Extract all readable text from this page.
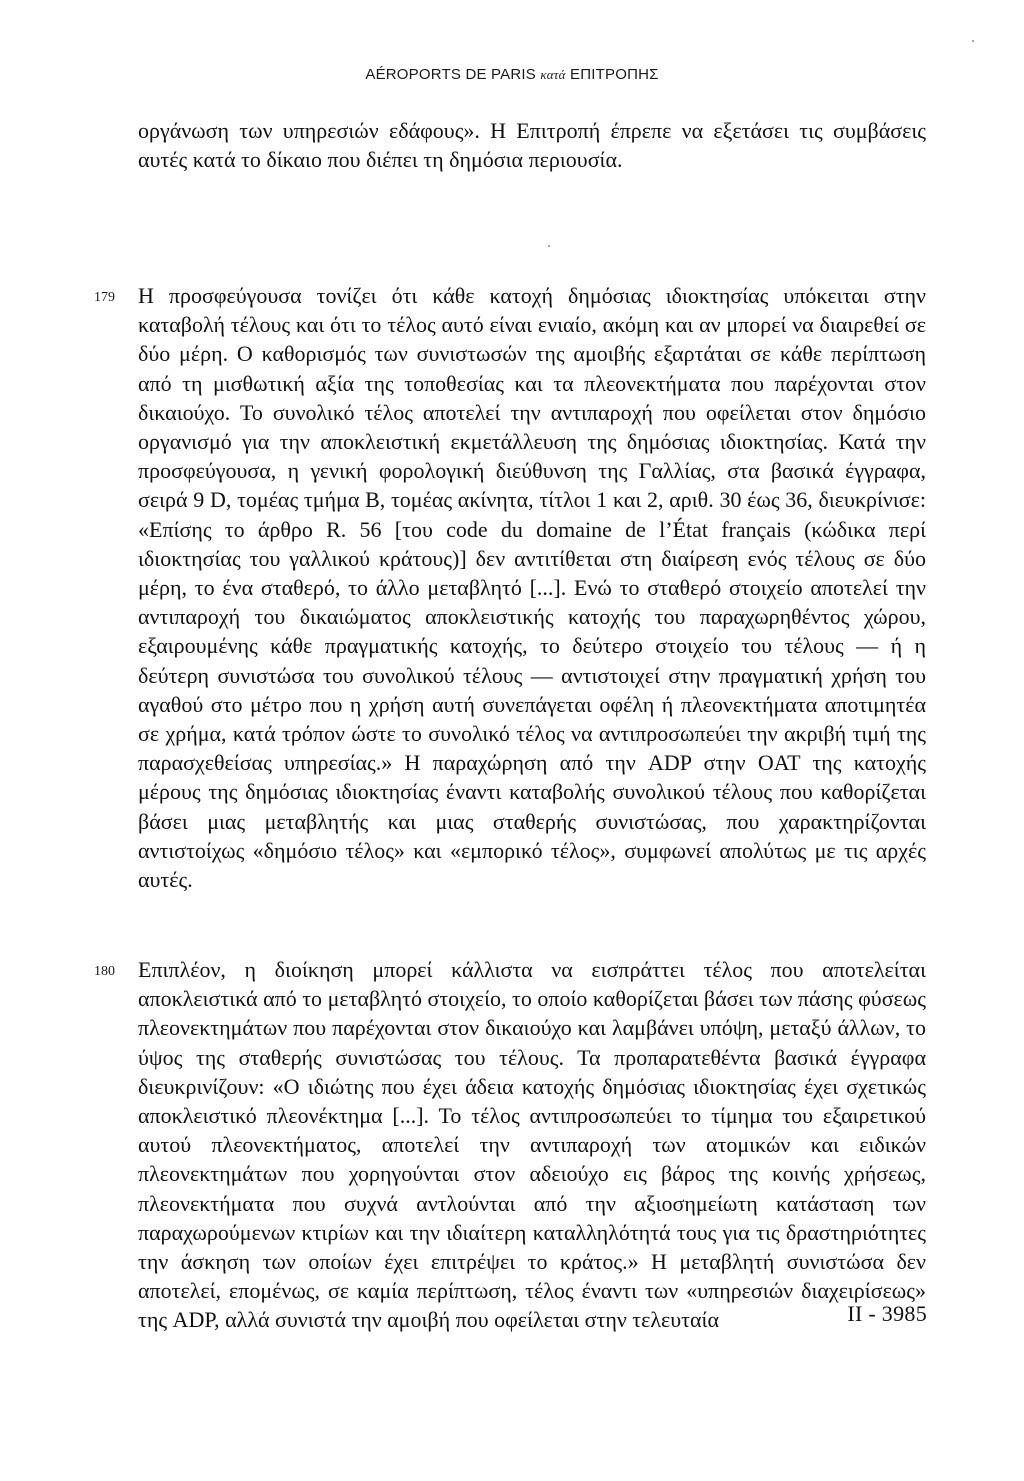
AÉROPORTS DE PARIS κατά ΕΠΙΤΡΟΠΗΣ

οργάνωση των υπηρεσιών εδάφους». Η Επιτροπή έπρεπε να εξετάσει τις συμβάσεις αυτές κατά το δίκαιο που διέπει τη δημόσια περιουσία.

179 Η προσφεύγουσα τονίζει ότι κάθε κατοχή δημόσιας ιδιοκτησίας υπόκειται στην καταβολή τέλους και ότι το τέλος αυτό είναι ενιαίο, ακόμη και αν μπορεί να διαιρεθεί σε δύο μέρη. Ο καθορισμός των συνιστωσών της αμοιβής εξαρτάται σε κάθε περίπτωση από τη μισθωτική αξία της τοποθεσίας και τα πλεονεκτήματα που παρέχονται στον δικαιούχο. Το συνολικό τέλος αποτελεί την αντιπαροχή που οφείλεται στον δημόσιο οργανισμό για την αποκλειστική εκμετάλλευση της δημόσιας ιδιοκτησίας. Κατά την προσφεύγουσα, η γενική φορολογική διεύθυνση της Γαλλίας, στα βασικά έγγραφα, σειρά 9 D, τομέας τμήμα Β, τομέας ακίνητα, τίτλοι 1 και 2, αριθ. 30 έως 36, διευκρίνισε: «Επίσης το άρθρο R. 56 [του code du domaine de l’État français (κώδικα περί ιδιοκτησίας του γαλλικού κράτους)] δεν αντιτίθεται στη διαίρεση ενός τέλους σε δύο μέρη, το ένα σταθερό, το άλλο μεταβλητό [...]. Ενώ το σταθερό στοιχείο αποτελεί την αντιπαροχή του δικαιώματος αποκλειστικής κατοχής του παραχωρηθέντος χώρου, εξαιρουμένης κάθε πραγματικής κατοχής, το δεύτερο στοιχείο του τέλους — ή η δεύτερη συνιστώσα του συνολικού τέλους — αντιστοιχεί στην πραγματική χρήση του αγαθού στο μέτρο που η χρήση αυτή συνεπάγεται οφέλη ή πλεονεκτήματα αποτιμητέα σε χρήμα, κατά τρόπον ώστε το συνολικό τέλος να αντιπροσωπεύει την ακριβή τιμή της παρασχεθείσας υπηρεσίας.» Η παραχώρηση από την ADP στην OAT της κατοχής μέρους της δημόσιας ιδιοκτησίας έναντι καταβολής συνολικού τέλους που καθορίζεται βάσει μιας μεταβλητής και μιας σταθερής συνιστώσας, που χαρακτηρίζονται αντιστοίχως «δημόσιο τέλος» και «εμπορικό τέλος», συμφωνεί απολύτως με τις αρχές αυτές.

180 Επιπλέον, η διοίκηση μπορεί κάλλιστα να εισπράττει τέλος που αποτελείται αποκλειστικά από το μεταβλητό στοιχείο, το οποίο καθορίζεται βάσει των πάσης φύσεως πλεονεκτημάτων που παρέχονται στον δικαιούχο και λαμβάνει υπόψη, μεταξύ άλλων, το ύψος της σταθερής συνιστώσας του τέλους. Τα προπαρατεθέντα βασικά έγγραφα διευκρινίζουν: «Ο ιδιώτης που έχει άδεια κατοχής δημόσιας ιδιοκτησίας έχει σχετικώς αποκλειστικό πλεονέκτημα [...]. Το τέλος αντιπροσωπεύει το τίμημα του εξαιρετικού αυτού πλεονεκτήματος, αποτελεί την αντιπαροχή των ατομικών και ειδικών πλεονεκτημάτων που χορηγούνται στον αδειούχο εις βάρος της κοινής χρήσεως, πλεονεκτήματα που συχνά αντλούνται από την αξιοσημείωτη κατάσταση των παραχωρούμενων κτιρίων και την ιδιαίτερη καταλληλότητά τους για τις δραστηριότητες την άσκηση των οποίων έχει επιτρέψει το κράτος.» Η μεταβλητή συνιστώσα δεν αποτελεί, επομένως, σε καμία περίπτωση, τέλος έναντι των «υπηρεσιών διαχειρίσεως» της ADP, αλλά συνιστά την αμοιβή που οφείλεται στην τελευταία	II - 3985
